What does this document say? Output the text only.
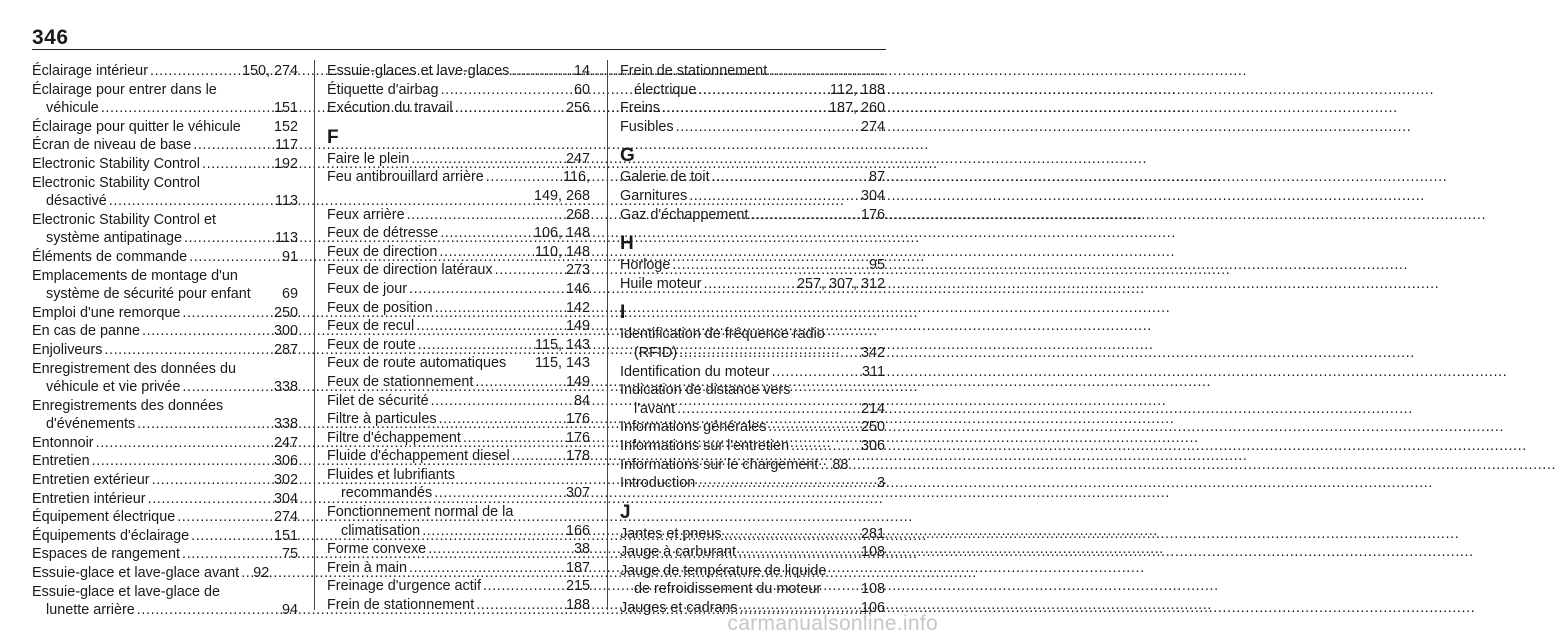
346
Éclairage intérieur .....	150, 274
Éclairage pour entrer dans le
véhicule .....	151
Éclairage pour quitter le véhicule 152
Écran de niveau de base .....	117
Electronic Stability Control .....	192
Electronic Stability Control
désactivé .....	113
Electronic Stability Control et
système antipatinage .....	113
Éléments de commande .....	91
Emplacements de montage d'un
système de sécurité pour enfant 69
Emploi d'une remorque .....	250
En cas de panne .....	300
Enjoliveurs .....	287
Enregistrement des données du
véhicule et vie privée .....	338
Enregistrements des données
d'événements .....	338
Entonnoir .....	247
Entretien .....	306
Entretien extérieur .....	302
Entretien intérieur .....	304
Équipement électrique .....	274
Équipements d'éclairage .....	151
Espaces de rangement .....	75
Essuie-glace et lave-glace avant ..... 92
Essuie-glace et lave-glace de
lunette arrière .....	94
Essuie-glaces et lave-glaces .....	14
Étiquette d'airbag .....	60
Exécution du travail .....	256
F
Faire le plein .....	247
Feu antibrouillard arrière .....	116,
149, 268
Feux arrière .....	268
Feux de détresse .....	106, 148
Feux de direction .....	110, 148
Feux de direction latéraux .....	273
Feux de jour .....	146
Feux de position .....	142
Feux de recul .....	149
Feux de route .....	115, 143
Feux de route automatiques 115, 143
Feux de stationnement .....	149
Filet de sécurité .....	84
Filtre à particules .....	176
Filtre d'échappement .....	176
Fluide d'échappement diesel .....	178
Fluides et lubrifiants
recommandés .....	307
Fonctionnement normal de la
climatisation .....	166
Forme convexe .....	38
Frein à main .....	187
Freinage d'urgence actif .....	215
Frein de stationnement .....	188
Frein de stationnement
électrique .....	112, 188
Freins .....	187, 260
Fusibles .....	274
G
Galerie de toit .....	87
Garnitures .....	304
Gaz d'échappement .....	176
H
Horloge .....	95
Huile moteur .....	257, 307, 312
I
Identification de fréquence radio
(RFID) .....	342
Identification du moteur .....	311
Indication de distance vers
l'avant .....	214
Informations générales .....	250
Informations sur l'entretien .....	306
Informations sur le chargement ..... 88
Introduction .....	3
J
Jantes et pneus .....	281
Jauge à carburant .....	108
Jauge de température de liquide
de refroidissement du moteur	108
Jauges et cadrans .....	106
carmanualsonline.info
